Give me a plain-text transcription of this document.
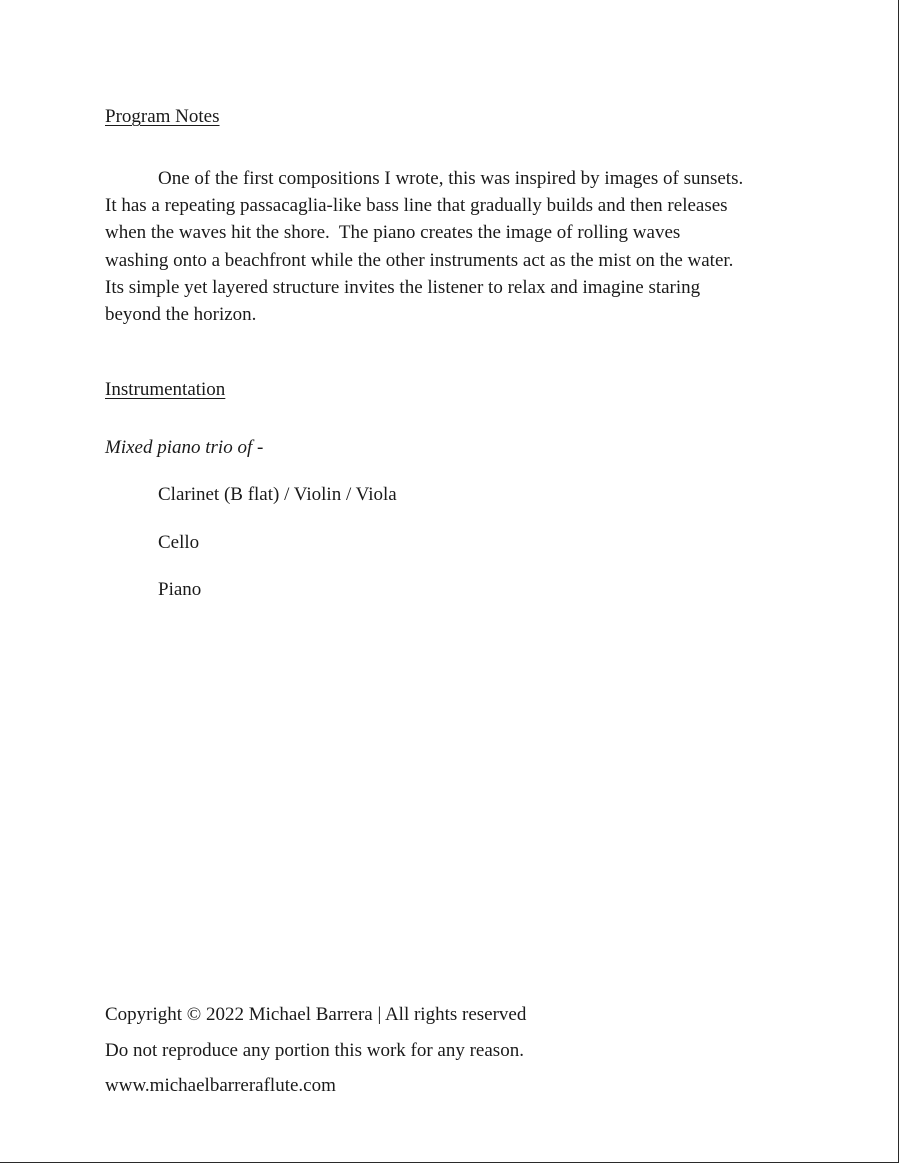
Program Notes
One of the first compositions I wrote, this was inspired by images of sunsets.
It has a repeating passacaglia-like bass line that gradually builds and then releases
when the waves hit the shore.  The piano creates the image of rolling waves
washing onto a beachfront while the other instruments act as the mist on the water.
Its simple yet layered structure invites the listener to relax and imagine staring
beyond the horizon.
Instrumentation
Mixed piano trio of -
Clarinet (B flat) / Violin / Viola
Cello
Piano
Copyright © 2022 Michael Barrera | All rights reserved
Do not reproduce any portion this work for any reason.
www.michaelbarreraflute.com
